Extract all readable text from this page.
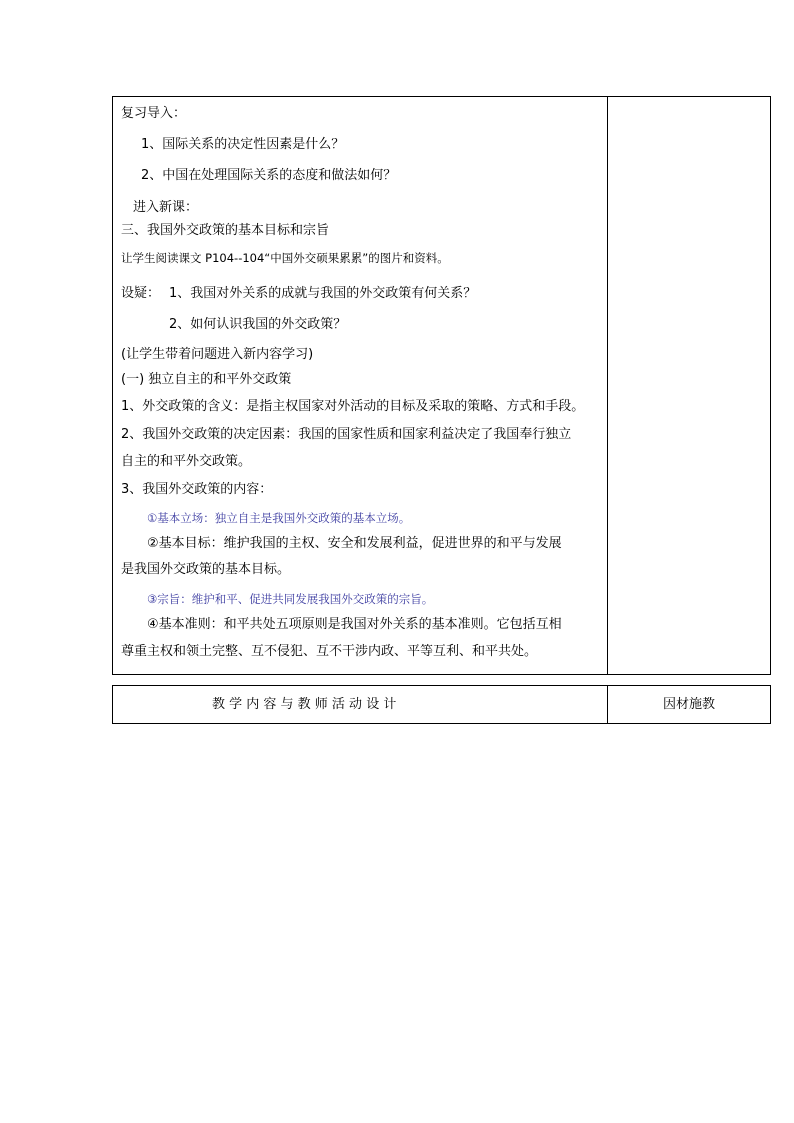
复习导入：
1、国际关系的决定性因素是什么？
2、中国在处理国际关系的态度和做法如何？
进入新课：
三、我国外交政策的基本目标和宗旨
让学生阅读课文 P104--104“中国外交硕果累累”的图片和资料。
设疑： 1、我国对外关系的成就与我国的外交政策有何关系？
2、如何认识我国的外交政策？
(让学生带着问题进入新内容学习)
(一) 独立自主的和平外交政策
1、外交政策的含义：是指主权国家对外活动的目标及采取的策略、方式和手段。
2、我国外交政策的决定因素：我国的国家性质和国家利益决定了我国奉行独立
自主的和平外交政策。
3、我国外交政策的内容：
①基本立场：独立自主是我国外交政策的基本立场。
②基本目标：维护我国的主权、安全和发展利益，促进世界的和平与发展
是我国外交政策的基本目标。
③宗旨：维护和平、促进共同发展我国外交政策的宗旨。
④基本准则：和平共处五项原则是我国对外关系的基本准则。它包括互相
尊重主权和领土完整、互不侵犯、互不干涉内政、平等互利、和平共处。
教 学 内 容 与 教 师 活 动 设 计	因材施教
